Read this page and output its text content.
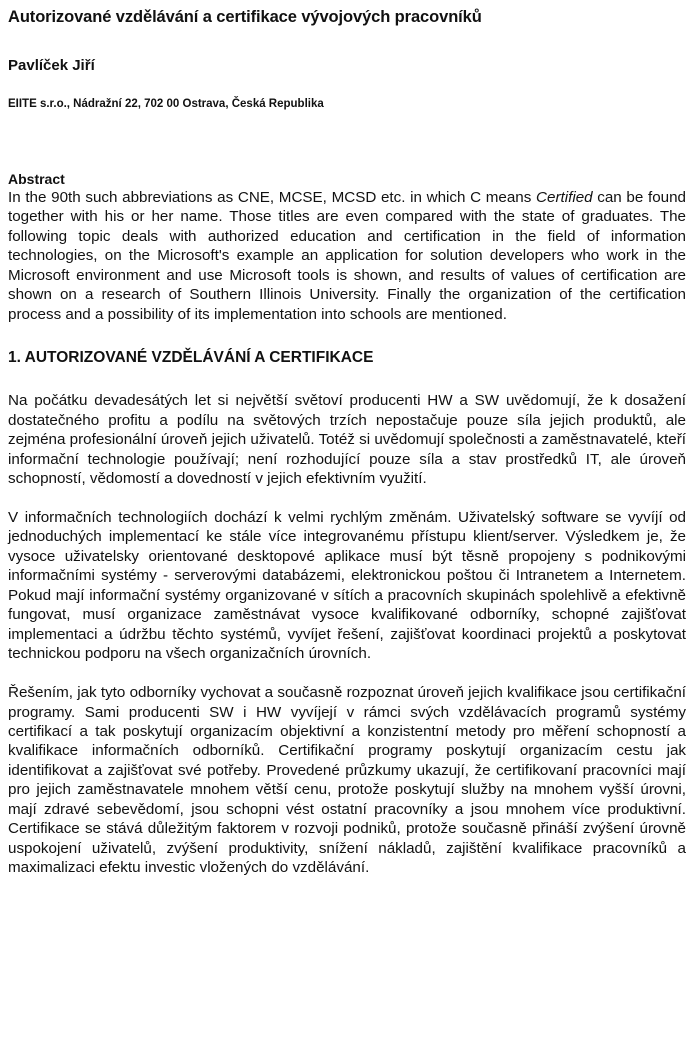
Autorizované vzdělávání a certifikace vývojových pracovníků
Pavlíček Jiří
EIITE s.r.o., Nádražní 22, 702 00 Ostrava, Česká Republika
Abstract

In the 90th such abbreviations as CNE, MCSE, MCSD etc. in which C means Certified can be found together with his or her name. Those titles are even compared with the state of graduates. The following topic deals with authorized education and certification in the field of information technologies, on the Microsoft's example an application for solution developers who work in the Microsoft environment and use Microsoft tools is shown, and results of values of certification are shown on a research of Southern Illinois University. Finally the organization of the certification process and a possibility of its implementation into schools are mentioned.

1. AUTORIZOVANÉ VZDĚLÁVÁNÍ A CERTIFIKACE

Na počátku devadesátých let si největší světoví producenti HW a SW uvědomují, že k dosažení dostatečného profitu a podílu na světových trzích nepostačuje pouze síla jejich produktů, ale zejména profesionální úroveň jejich uživatelů. Totéž si uvědomují společnosti a zaměstnavatelé, kteří informační technologie používají; není rozhodující pouze síla a stav prostředků IT, ale úroveň schopností, vědomostí a dovedností v jejich efektivním využití.

V informačních technologiích dochází k velmi rychlým změnám. Uživatelský software se vyvíjí od jednoduchých implementací ke stále více integrovanému přístupu klient/server. Výsledkem je, že vysoce uživatelsky orientované desktopové aplikace musí být těsně propojeny s podnikovými informačními systémy - serverovými databázemi, elektronickou poštou či Intranetem a Internetem. Pokud mají informační systémy organizované v sítích a pracovních skupinách spolehlivě a efektivně fungovat, musí organizace zaměstnávat vysoce kvalifikované odborníky, schopné zajišťovat implementaci a údržbu těchto systémů, vyvíjet řešení, zajišťovat koordinaci projektů a poskytovat technickou podporu na všech organizačních úrovních.

Řešením, jak tyto odborníky vychovat a současně rozpoznat úroveň jejich kvalifikace jsou certifikační programy. Sami producenti SW i HW vyvíjejí v rámci svých vzdělávacích programů systémy certifikací a tak poskytují organizacím objektivní a konzistentní metody pro měření schopností a kvalifikace informačních odborníků. Certifikační programy poskytují organizacím cestu jak identifikovat a zajišťovat své potřeby. Provedené průzkumy ukazují, že certifikovaní pracovníci mají pro jejich zaměstnavatele mnohem větší cenu, protože poskytují služby na mnohem vyšší úrovni, mají zdravé sebevědomí, jsou schopni vést ostatní pracovníky a jsou mnohem více produktivní. Certifikace se stává důležitým faktorem v rozvoji podniků, protože současně přináší zvýšení úrovně uspokojení uživatelů, zvýšení produktivity, snížení nákladů, zajištění kvalifikace pracovníků a maximalizaci efektu investic vložených do vzdělávání.
